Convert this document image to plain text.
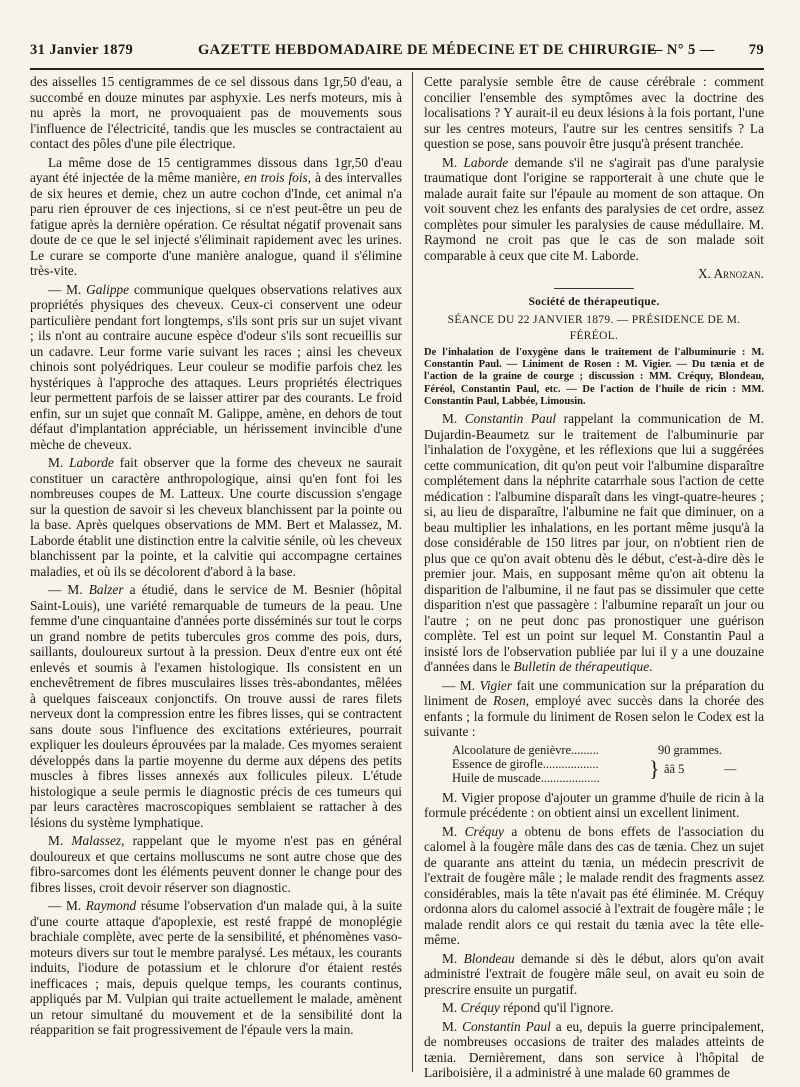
31 Janvier 1879	GAZETTE HEBDOMADAIRE DE MÉDECINE ET DE CHIRURGIE
— N° 5 — 79

des aisselles 15 centigrammes de ce sel dissous dans 1gr,50 d'eau, a succombé en douze minutes par asphyxie. Les nerfs moteurs, mis à nu après la mort, ne provoquaient pas de mouvements sous l'influence de l'électricité, tandis que les muscles se contractaient au contact des pôles d'une pile électrique.

La même dose de 15 centigrammes dissous dans 1gr,50 d'eau ayant été injectée de la même manière, en trois fois, à des intervalles de six heures et demie, chez un autre cochon d'Inde, cet animal n'a paru rien éprouver de ces injections, si ce n'est peut-être un peu de fatigue après la dernière opération. Ce résultat négatif provenait sans doute de ce que le sel injecté s'éliminait rapidement avec les urines. Le curare se comporte d'une manière analogue, quand il s'élimine très-vite.

— M. Galippe communique quelques observations relatives aux propriétés physiques des cheveux. Ceux-ci conservent une odeur particulière pendant fort longtemps, s'ils sont pris sur un sujet vivant ; ils n'ont au contraire aucune espèce d'odeur s'ils sont recueillis sur un cadavre. Leur forme varie suivant les races ; ainsi les cheveux chinois sont polyédriques. Leur couleur se modifie parfois chez les hystériques à l'approche des attaques. Leurs propriétés électriques leur permettent parfois de se laisser attirer par des courants. Le froid enfin, sur un sujet que connaît M. Galippe, amène, en dehors de tout défaut d'implantation appréciable, un hérissement invincible d'une mèche de cheveux.

M. Laborde fait observer que la forme des cheveux ne saurait constituer un caractère anthropologique, ainsi qu'en font foi les nombreuses coupes de M. Latteux. Une courte discussion s'engage sur la question de savoir si les cheveux blanchissent par la pointe ou la base. Après quelques observations de MM. Bert et Malassez, M. Laborde établit une distinction entre la calvitie sénile, où les cheveux blanchissent par la pointe, et la calvitie qui accompagne certaines maladies, et où ils se décolorent d'abord à la base.

— M. Balzer a étudié, dans le service de M. Besnier (hôpital Saint-Louis), une variété remarquable de tumeurs de la peau. Une femme d'une cinquantaine d'années porte disséminés sur tout le corps un grand nombre de petits tubercules gros comme des pois, durs, saillants, douloureux surtout à la pression. Deux d'entre eux ont été enlevés et soumis à l'examen histologique. Ils consistent en un enchevêtrement de fibres musculaires lisses très-abondantes, mêlées à quelques faisceaux conjonctifs. On trouve aussi de rares filets nerveux dont la compression entre les fibres lisses, qui se contractent sans doute sous l'influence des excitations extérieures, pourrait expliquer les douleurs éprouvées par la malade. Ces myomes seraient développés dans la partie moyenne du derme aux dépens des petits muscles à fibres lisses annexés aux follicules pileux. L'étude histologique a seule permis le diagnostic précis de ces tumeurs qui par leurs caractères macroscopiques semblaient se rattacher à des lésions du système lymphatique.

M. Malassez, rappelant que le myome n'est pas en général douloureux et que certains molluscums ne sont autre chose que des fibro-sarcomes dont les éléments peuvent donner le change pour des fibres lisses, croit devoir réserver son diagnostic.

— M. Raymond résume l'observation d'un malade qui, à la suite d'une courte attaque d'apoplexie, est resté frappé de monoplégie brachiale complète, avec perte de la sensibilité, et phénomènes vaso-moteurs divers sur tout le membre paralysé. Les métaux, les courants induits, l'iodure de potassium et le chlorure d'or étaient restés inefficaces ; mais, depuis quelque temps, les courants continus, appliqués par M. Vulpian qui traite actuellement le malade, amènent un retour simultané du mouvement et de la sensibilité dont la réapparition se fait progressivement de l'épaule vers la main.

Cette paralysie semble être de cause cérébrale : comment concilier l'ensemble des symptômes avec la doctrine des localisations ? Y aurait-il eu deux lésions à la fois portant, l'une sur les centres moteurs, l'autre sur les centres sensitifs ? La question se pose, sans pouvoir être jusqu'à présent tranchée.

M. Laborde demande s'il ne s'agirait pas d'une paralysie traumatique dont l'origine se rapporterait à une chute que le malade aurait faite sur l'épaule au moment de son attaque. On voit souvent chez les enfants des paralysies de cet ordre, assez complètes pour simuler les paralysies de cause médullaire. M. Raymond ne croit pas que le cas de son malade soit comparable à ceux que cite M. Laborde.

X. Arnozan.

Société de thérapeutique.

SÉANCE DU 22 JANVIER 1879. — PRÉSIDENCE DE M. FÉRÉOL.

De l'inhalation de l'oxygène dans le traitement de l'albuminurie : M. Constantin Paul. — Liniment de Rosen : M. Vigier. — Du tænia et de l'action de la graine de courge ; discussion : MM. Créquy, Blondeau, Féréol, Constantin Paul, etc. — De l'action de l'huile de ricin : MM. Constantin Paul, Labbée, Limousin.

M. Constantin Paul rappelant la communication de M. Dujardin-Beaumetz sur le traitement de l'albuminurie par l'inhalation de l'oxygène, et les réflexions que lui a suggérées cette communication, dit qu'on peut voir l'albumine disparaître complétement dans la néphrite catarrhale sous l'action de cette médication : l'albumine disparaît dans les vingt-quatre-heures ; si, au lieu de disparaître, l'albumine ne fait que diminuer, on a beau multiplier les inhalations, en les portant même jusqu'à la dose considérable de 150 litres par jour, on n'obtient rien de plus que ce qu'on avait obtenu dès le début, c'est-à-dire dès le premier jour. Mais, en supposant même qu'on ait obtenu la disparition de l'albumine, il ne faut pas se dissimuler que cette disparition n'est que passagère : l'albumine reparaît un jour ou l'autre ; on ne peut donc pas pronostiquer une guérison complète. Tel est un point sur lequel M. Constantin Paul a insisté lors de l'observation publiée par lui il y a une douzaine d'années dans le Bulletin de thérapeutique.

— M. Vigier fait une communication sur la préparation du liniment de Rosen, employé avec succès dans la chorée des enfants ; la formule du liniment de Rosen selon le Codex est la suivante :

Alcoolature de genièvre.........	90 grammes.
Essence de girofle..................
Huile de muscade................... } ââ 5	—

M. Vigier propose d'ajouter un gramme d'huile de ricin à la formule précédente : on obtient ainsi un excellent liniment.

M. Créquy a obtenu de bons effets de l'association du calomel à la fougère mâle dans des cas de tænia. Chez un sujet de quarante ans atteint du tænia, un médecin prescrivit de l'extrait de fougère mâle ; le malade rendit des fragments assez considérables, mais la tête n'avait pas été éliminée. M. Créquy ordonna alors du calomel associé à l'extrait de fougère mâle ; le malade rendit alors ce qui restait du tænia avec la tête elle-même.

M. Blondeau demande si dès le début, alors qu'on avait administré l'extrait de fougère mâle seul, on avait eu soin de prescrire ensuite un purgatif.

M. Créquy répond qu'il l'ignore.

M. Constantin Paul a eu, depuis la guerre principalement, de nombreuses occasions de traiter des malades atteints de tænia. Dernièrement, dans son service à l'hôpital de Lariboisière, il a administré à une malade 60 grammes de
